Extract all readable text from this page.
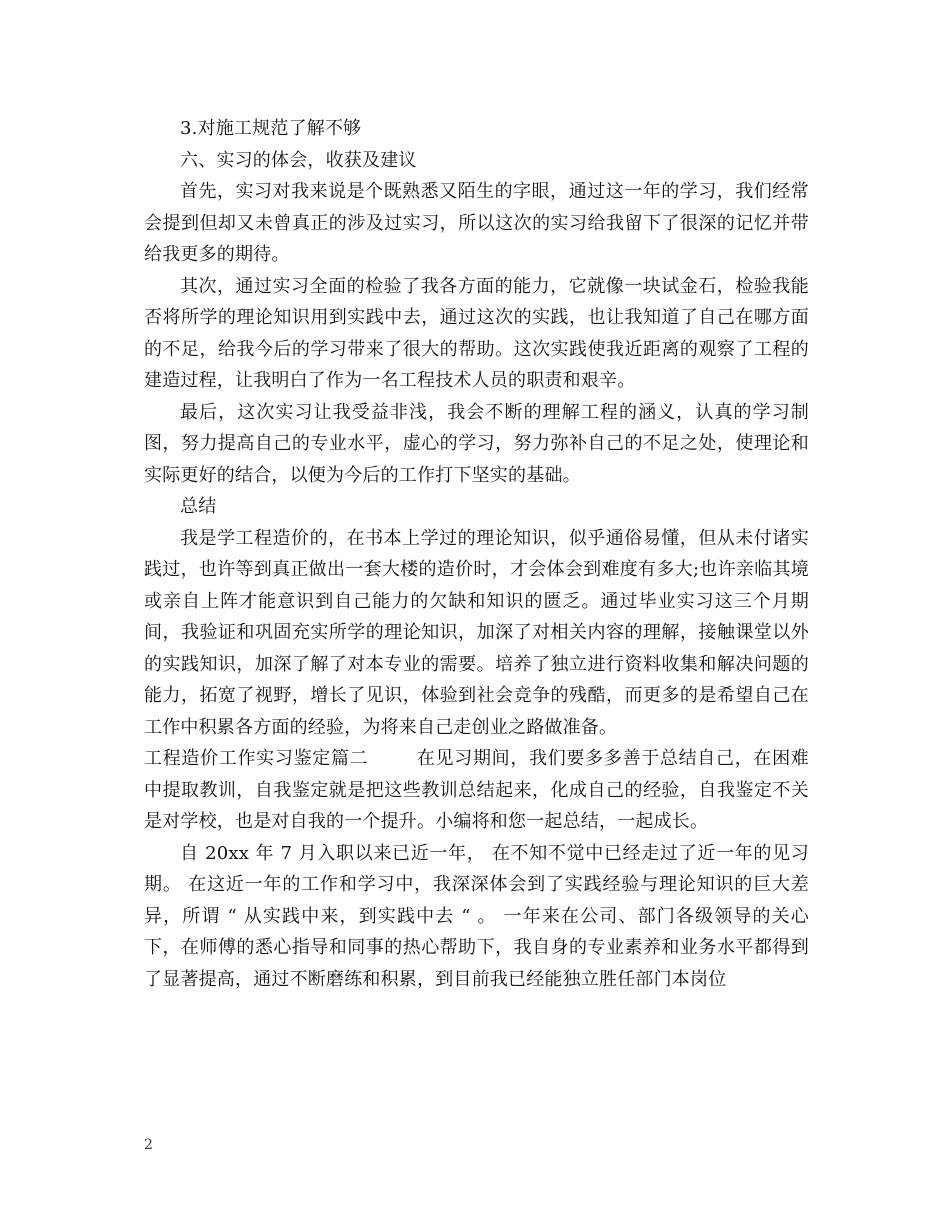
3.对施工规范了解不够

六、实习的体会，收获及建议

首先，实习对我来说是个既熟悉又陌生的字眼，通过这一年的学习，我们经常会提到但却又未曾真正的涉及过实习，所以这次的实习给我留下了很深的记忆并带给我更多的期待。

其次，通过实习全面的检验了我各方面的能力，它就像一块试金石，检验我能否将所学的理论知识用到实践中去，通过这次的实践，也让我知道了自己在哪方面的不足，给我今后的学习带来了很大的帮助。这次实践使我近距离的观察了工程的建造过程，让我明白了作为一名工程技术人员的职责和艰辛。

最后，这次实习让我受益非浅，我会不断的理解工程的涵义，认真的学习制图，努力提高自己的专业水平，虚心的学习，努力弥补自己的不足之处，使理论和实际更好的结合，以便为今后的工作打下坚实的基础。

总结

我是学工程造价的，在书本上学过的理论知识，似乎通俗易懂，但从未付诸实践过，也许等到真正做出一套大楼的造价时，才会体会到难度有多大;也许亲临其境或亲自上阵才能意识到自己能力的欠缺和知识的匮乏。通过毕业实习这三个月期间，我验证和巩固充实所学的理论知识，加深了对相关内容的理解，接触课堂以外的实践知识，加深了解了对本专业的需要。培养了独立进行资料收集和解决问题的能力，拓宽了视野，增长了见识，体验到社会竞争的残酷，而更多的是希望自己在工作中积累各方面的经验，为将来自己走创业之路做准备。

工程造价工作实习鉴定篇二	在见习期间，我们要多多善于总结自己，在困难中提取教训，自我鉴定就是把这些教训总结起来，化成自己的经验，自我鉴定不关是对学校，也是对自我的一个提升。小编将和您一起总结，一起成长。

自 20xx 年 7 月入职以来已近一年， 在不知不觉中已经走过了近一年的见习期。 在这近一年的工作和学习中，我深深体会到了实践经验与理论知识的巨大差异，所谓 “ 从实践中来，到实践中去 “ 。 一年来在公司、部门各级领导的关心下，在师傅的悉心指导和同事的热心帮助下，我自身的专业素养和业务水平都得到了显著提高，通过不断磨练和积累，到目前我已经能独立胜任部门本岗位

2
